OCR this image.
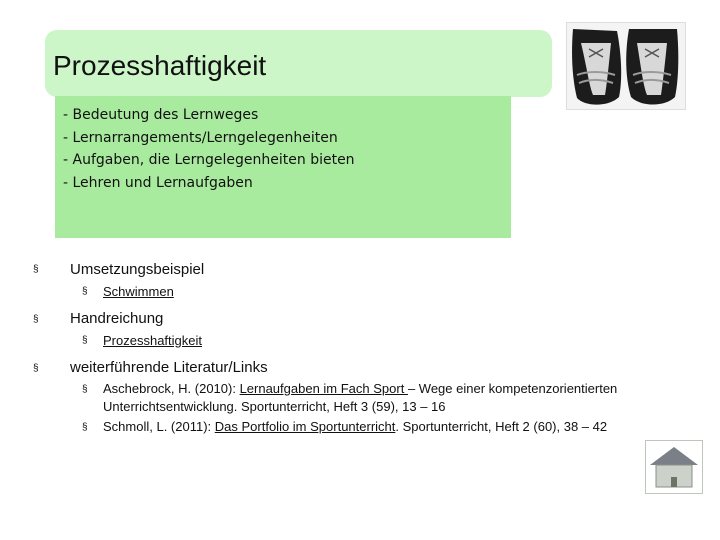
Prozesshaftigkeit
- Bedeutung des Lernweges
- Lernarrangements/Lerngelegenheiten
- Aufgaben, die Lerngelegenheiten bieten
- Lehren und Lernaufgaben
§ Umsetzungsbeispiel
§ Schwimmen
§ Handreichung
§ Prozesshaftigkeit
§ weiterführende Literatur/Links
§ Aschebrock, H. (2010): Lernaufgaben im Fach Sport – Wege einer kompetenzorientierten
Unterrichtsentwicklung. Sportunterricht, Heft 3 (59), 13 – 16
§ Schmoll, L. (2011): Das Portfolio im Sportunterricht. Sportunterricht, Heft 2 (60), 38 – 42
